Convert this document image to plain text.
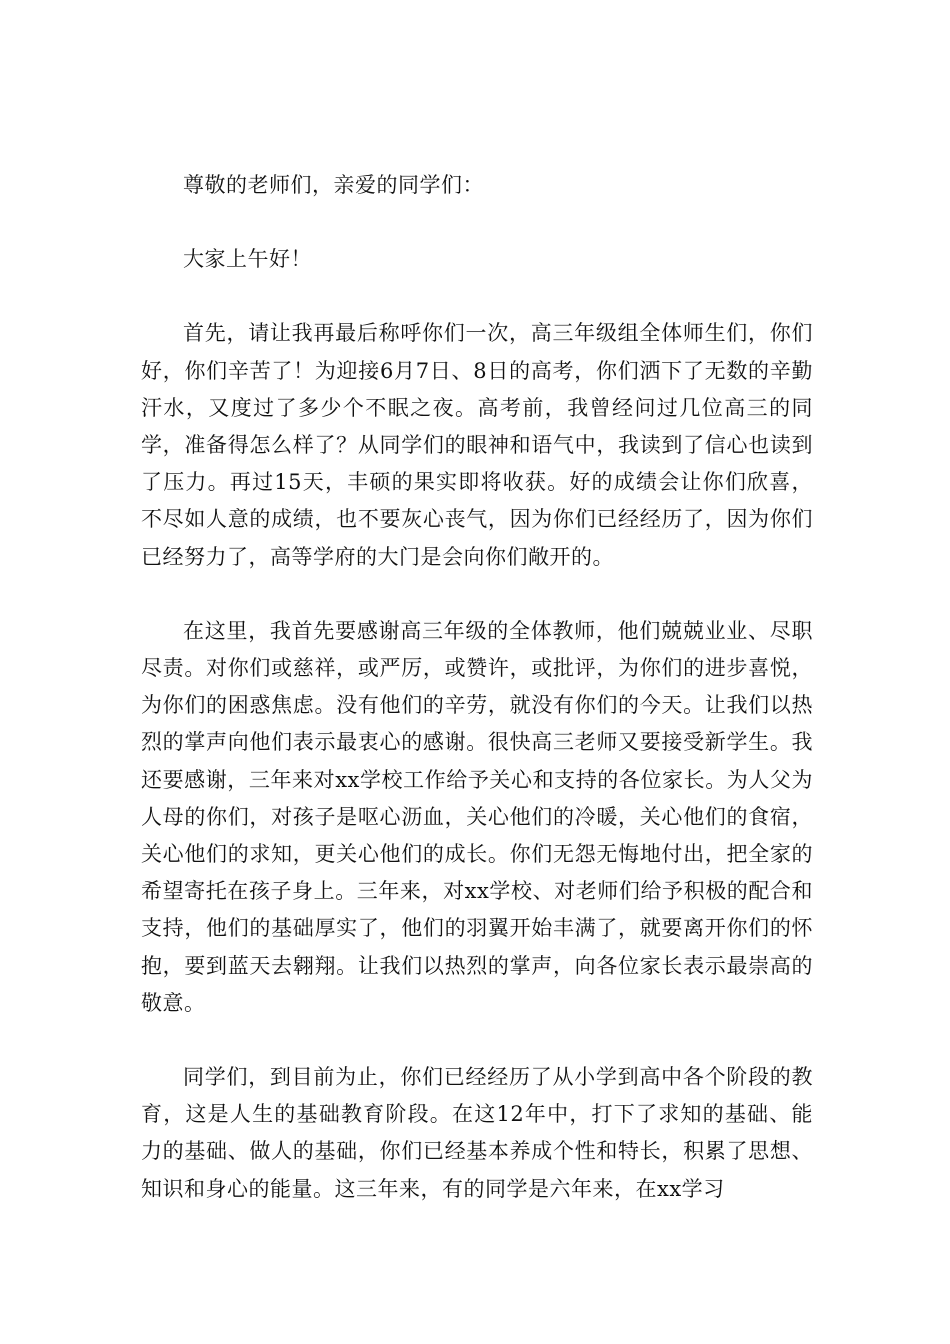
尊敬的老师们，亲爱的同学们：

大家上午好！

首先，请让我再最后称呼你们一次，高三年级组全体师生们，你们好，你们辛苦了！为迎接6月7日、8日的高考，你们洒下了无数的辛勤汗水，又度过了多少个不眠之夜。高考前，我曾经问过几位高三的同学，准备得怎么样了？从同学们的眼神和语气中，我读到了信心也读到了压力。再过15天，丰硕的果实即将收获。好的成绩会让你们欣喜，不尽如人意的成绩，也不要灰心丧气，因为你们已经经历了，因为你们已经努力了，高等学府的大门是会向你们敞开的。

在这里，我首先要感谢高三年级的全体教师，他们兢兢业业、尽职尽责。对你们或慈祥，或严厉，或赞许，或批评，为你们的进步喜悦，为你们的困惑焦虑。没有他们的辛劳，就没有你们的今天。让我们以热烈的掌声向他们表示最衷心的感谢。很快高三老师又要接受新学生。我还要感谢，三年来对xx学校工作给予关心和支持的各位家长。为人父为人母的你们，对孩子是呕心沥血，关心他们的冷暖，关心他们的食宿，关心他们的求知，更关心他们的成长。你们无怨无悔地付出，把全家的希望寄托在孩子身上。三年来，对xx学校、对老师们给予积极的配合和支持，他们的基础厚实了，他们的羽翼开始丰满了，就要离开你们的怀抱，要到蓝天去翱翔。让我们以热烈的掌声，向各位家长表示最崇高的敬意。

同学们，到目前为止，你们已经经历了从小学到高中各个阶段的教育，这是人生的基础教育阶段。在这12年中，打下了求知的基础、能力的基础、做人的基础，你们已经基本养成个性和特长，积累了思想、知识和身心的能量。这三年来，有的同学是六年来，在xx学习
